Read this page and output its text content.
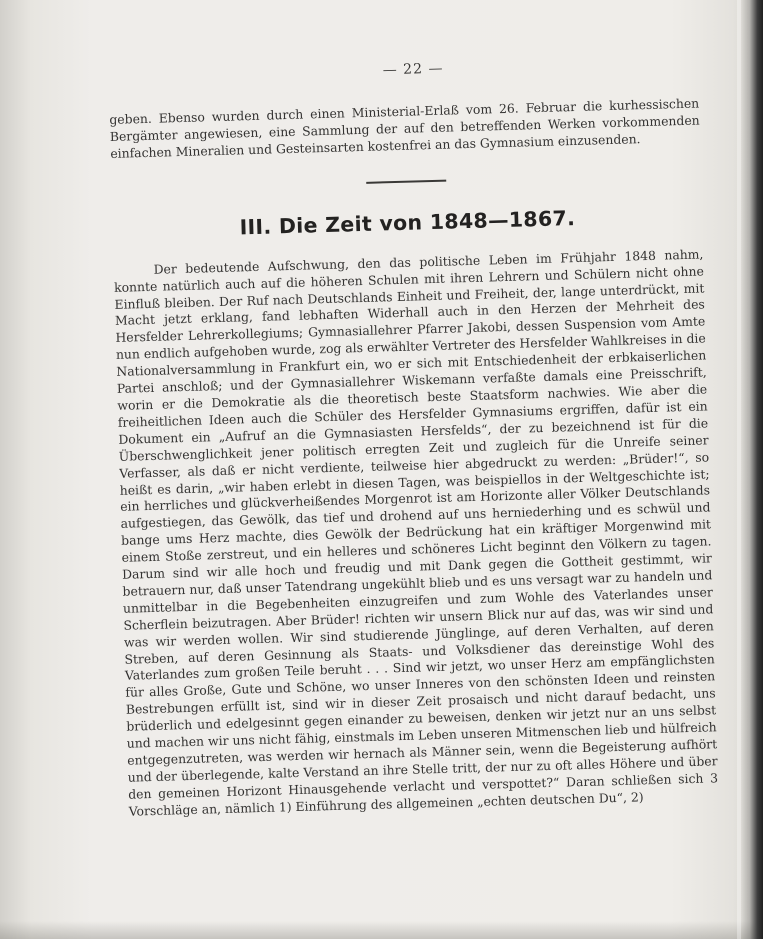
— 22 —

geben. Ebenso wurden durch einen Ministerial-Erlaß vom 26. Februar die kurhessischen Bergämter angewiesen, eine Sammlung der auf den betreffenden Werken vorkommenden einfachen Mineralien und Gesteinsarten kostenfrei an das Gymnasium einzusenden.

III. Die Zeit von 1848—1867.

Der bedeutende Aufschwung, den das politische Leben im Frühjahr 1848 nahm, konnte natürlich auch auf die höheren Schulen mit ihren Lehrern und Schülern nicht ohne Einfluß bleiben. Der Ruf nach Deutschlands Einheit und Freiheit, der, lange unterdrückt, mit Macht jetzt erklang, fand lebhaften Widerhall auch in den Herzen der Mehrheit des Hersfelder Lehrerkollegiums; Gymnasiallehrer Pfarrer Jakobi, dessen Suspension vom Amte nun endlich aufgehoben wurde, zog als erwählter Vertreter des Hersfelder Wahlkreises in die Nationalversammlung in Frankfurt ein, wo er sich mit Entschiedenheit der erbkaiserlichen Partei anschloß; und der Gymnasiallehrer Wiskemann verfaßte damals eine Preisschrift, worin er die Demokratie als die theoretisch beste Staatsform nachwies. Wie aber die freiheitlichen Ideen auch die Schüler des Hersfelder Gymnasiums ergriffen, dafür ist ein Dokument ein „Aufruf an die Gymnasiasten Hersfelds“, der zu bezeichnend ist für die Überschwenglichkeit jener politisch erregten Zeit und zugleich für die Unreife seiner Verfasser, als daß er nicht verdiente, teilweise hier abgedruckt zu werden: „Brüder!“, so heißt es darin, „wir haben erlebt in diesen Tagen, was beispiellos in der Weltgeschichte ist; ein herrliches und glückverheißendes Morgenrot ist am Horizonte aller Völker Deutschlands aufgestiegen, das Gewölk, das tief und drohend auf uns herniederhing und es schwül und bange ums Herz machte, dies Gewölk der Bedrückung hat ein kräftiger Morgenwind mit einem Stoße zerstreut, und ein helleres und schöneres Licht beginnt den Völkern zu tagen. Darum sind wir alle hoch und freudig und mit Dank gegen die Gottheit gestimmt, wir betrauern nur, daß unser Tatendrang ungekühlt blieb und es uns versagt war zu handeln und unmittelbar in die Begebenheiten einzugreifen und zum Wohle des Vaterlandes unser Scherflein beizutragen. Aber Brüder! richten wir unsern Blick nur auf das, was wir sind und was wir werden wollen. Wir sind studierende Jünglinge, auf deren Verhalten, auf deren Streben, auf deren Gesinnung als Staats- und Volksdiener das dereinstige Wohl des Vaterlandes zum großen Teile beruht . . . Sind wir jetzt, wo unser Herz am empfänglichsten für alles Große, Gute und Schöne, wo unser Inneres von den schönsten Ideen und reinsten Bestrebungen erfüllt ist, sind wir in dieser Zeit prosaisch und nicht darauf bedacht, uns brüderlich und edelgesinnt gegen einander zu beweisen, denken wir jetzt nur an uns selbst und machen wir uns nicht fähig, einstmals im Leben unseren Mitmenschen lieb und hülfreich entgegenzutreten, was werden wir hernach als Männer sein, wenn die Begeisterung aufhört und der überlegende, kalte Verstand an ihre Stelle tritt, der nur zu oft alles Höhere und über den gemeinen Horizont Hinausgehende verlacht und verspottet?“ Daran schließen sich 3 Vorschläge an, nämlich 1) Einführung des allgemeinen „echten deutschen Du“, 2)
